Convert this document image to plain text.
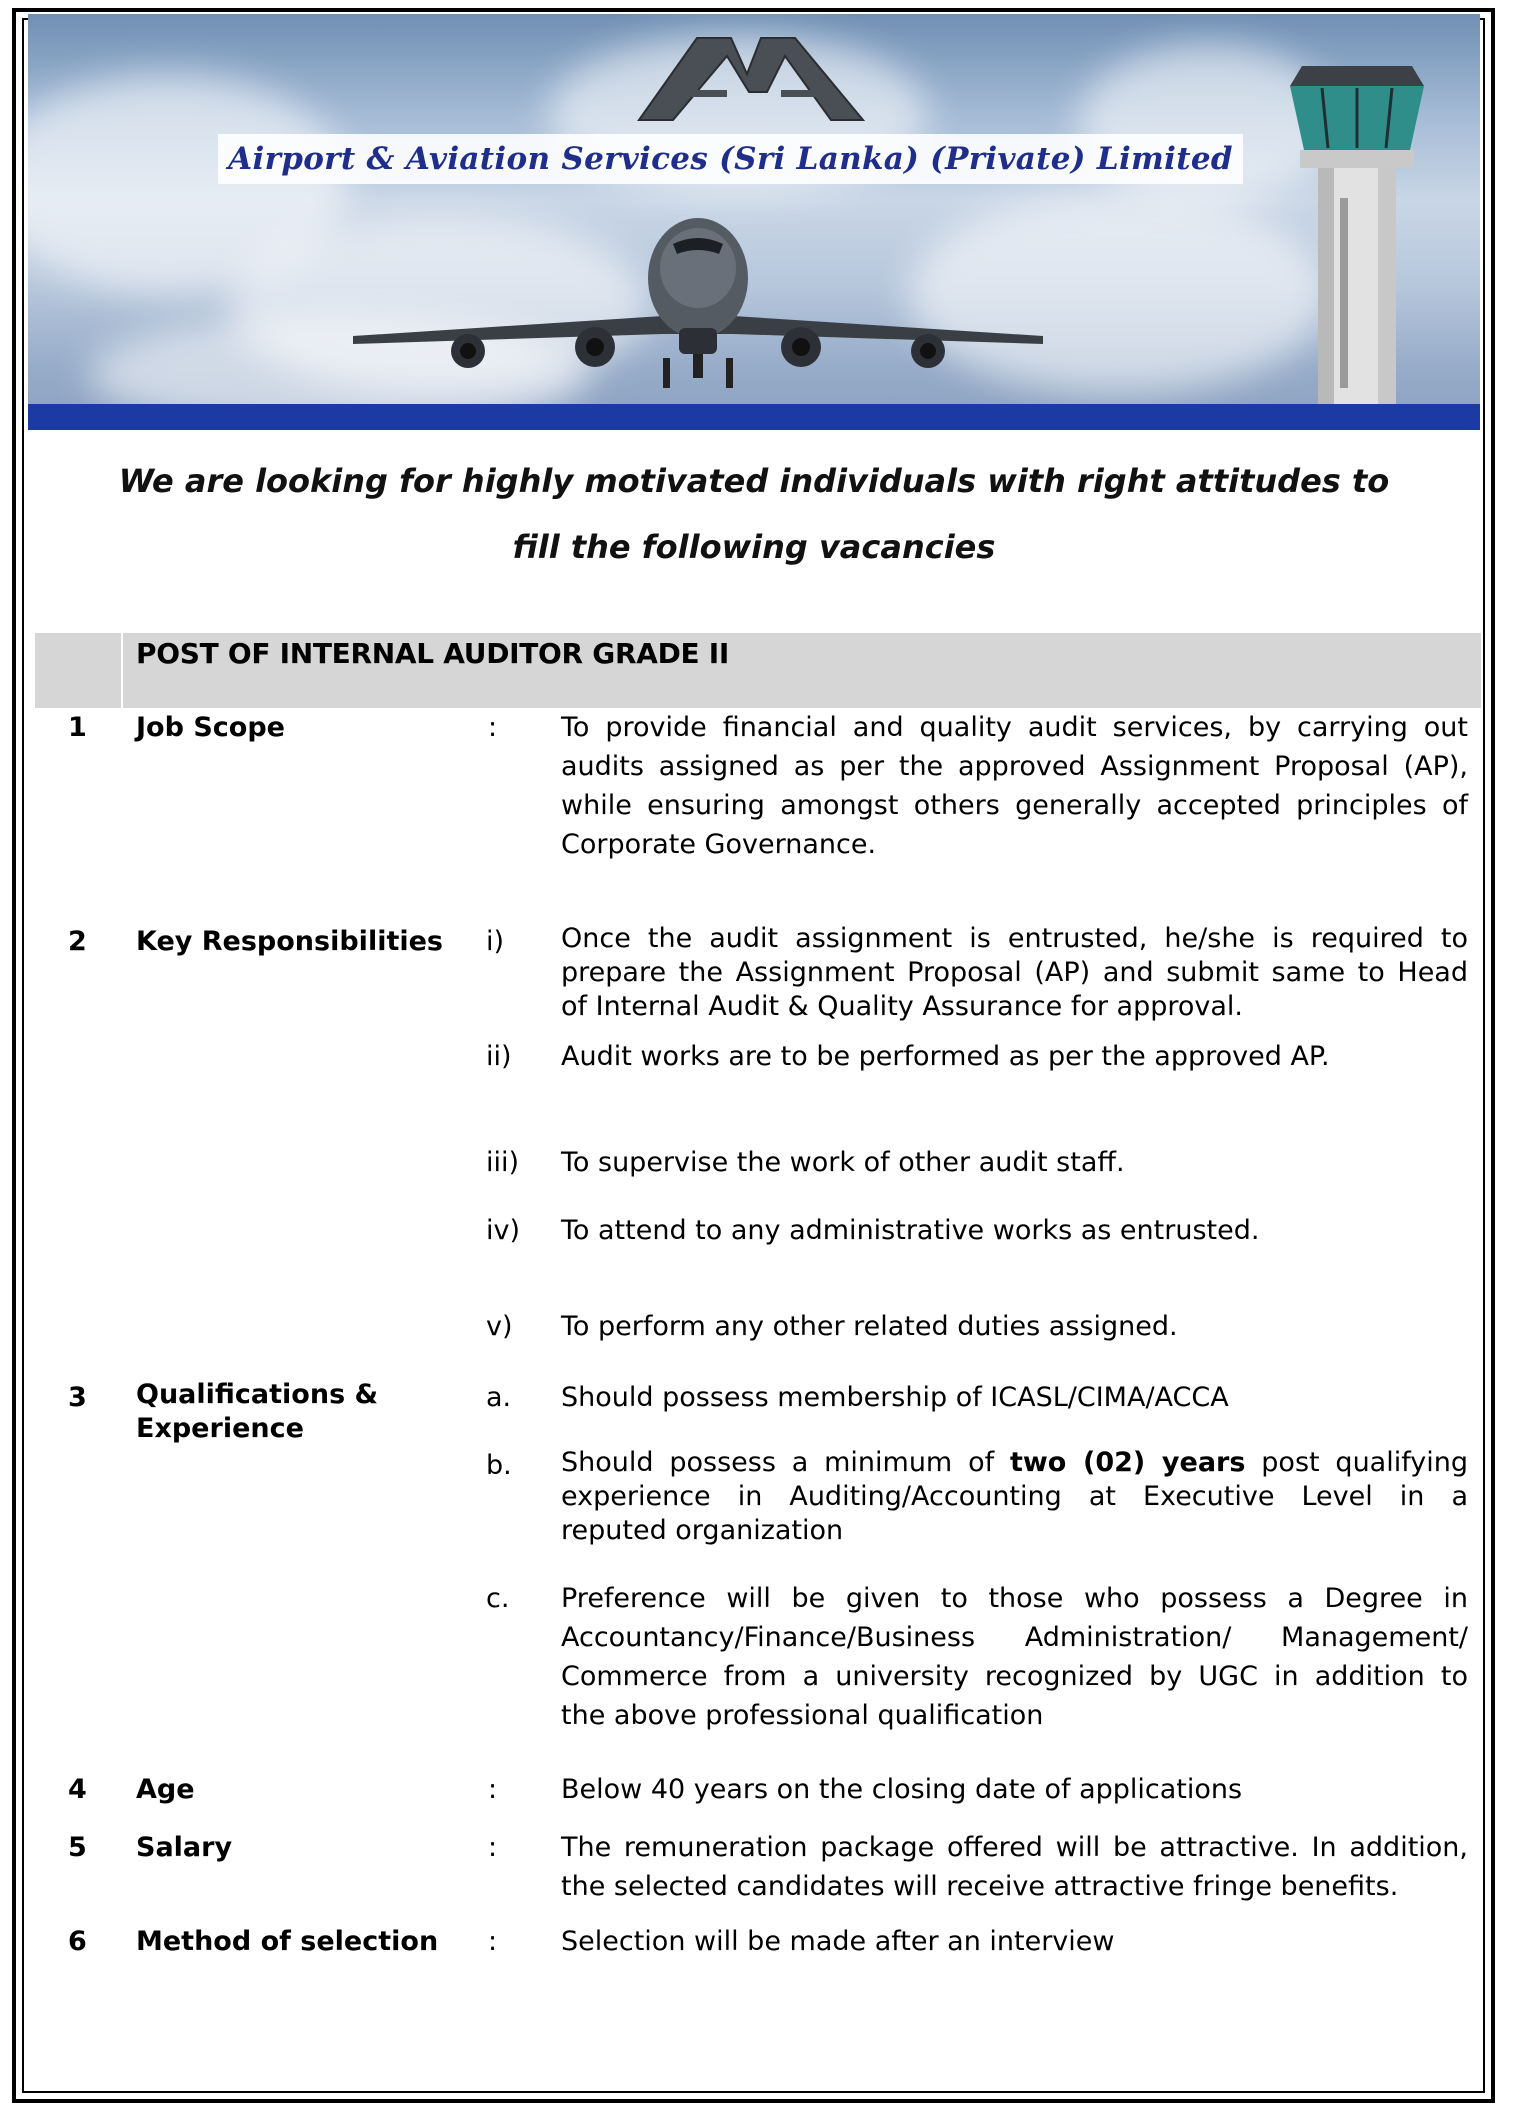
Airport & Aviation Services (Sri Lanka) (Private) Limited
We are looking for highly motivated individuals with right attitudes to
fill the following vacancies
POST OF INTERNAL AUDITOR GRADE II
1 Job Scope	: To provide financial and quality audit services, by carrying out
audits assigned as per the approved Assignment Proposal (AP),
while ensuring amongst others generally accepted principles of
Corporate Governance.
2 Key Responsibilities i) Once the audit assignment is entrusted, he/she is required to
prepare the Assignment Proposal (AP) and submit same to Head
of Internal Audit & Quality Assurance for approval.
ii) Audit works are to be performed as per the approved AP.
iii) To supervise the work of other audit staff.
iv) To attend to any administrative works as entrusted.
v) To perform any other related duties assigned.
3 Qualifications &
Experience
a. Should possess membership of ICASL/CIMA/ACCA
b. Should possess a minimum of two (02) years post qualifying
experience in Auditing/Accounting at Executive Level in a
reputed organization
c. Preference will be given to those who possess a Degree in
Accountancy/Finance/Business Administration/ Management/
Commerce from a university recognized by UGC in addition to
the above professional qualification
4 Age	: Below 40 years on the closing date of applications
5 Salary	: The remuneration package offered will be attractive. In addition,
the selected candidates will receive attractive fringe benefits.
6 Method of selection : Selection will be made after an interview
